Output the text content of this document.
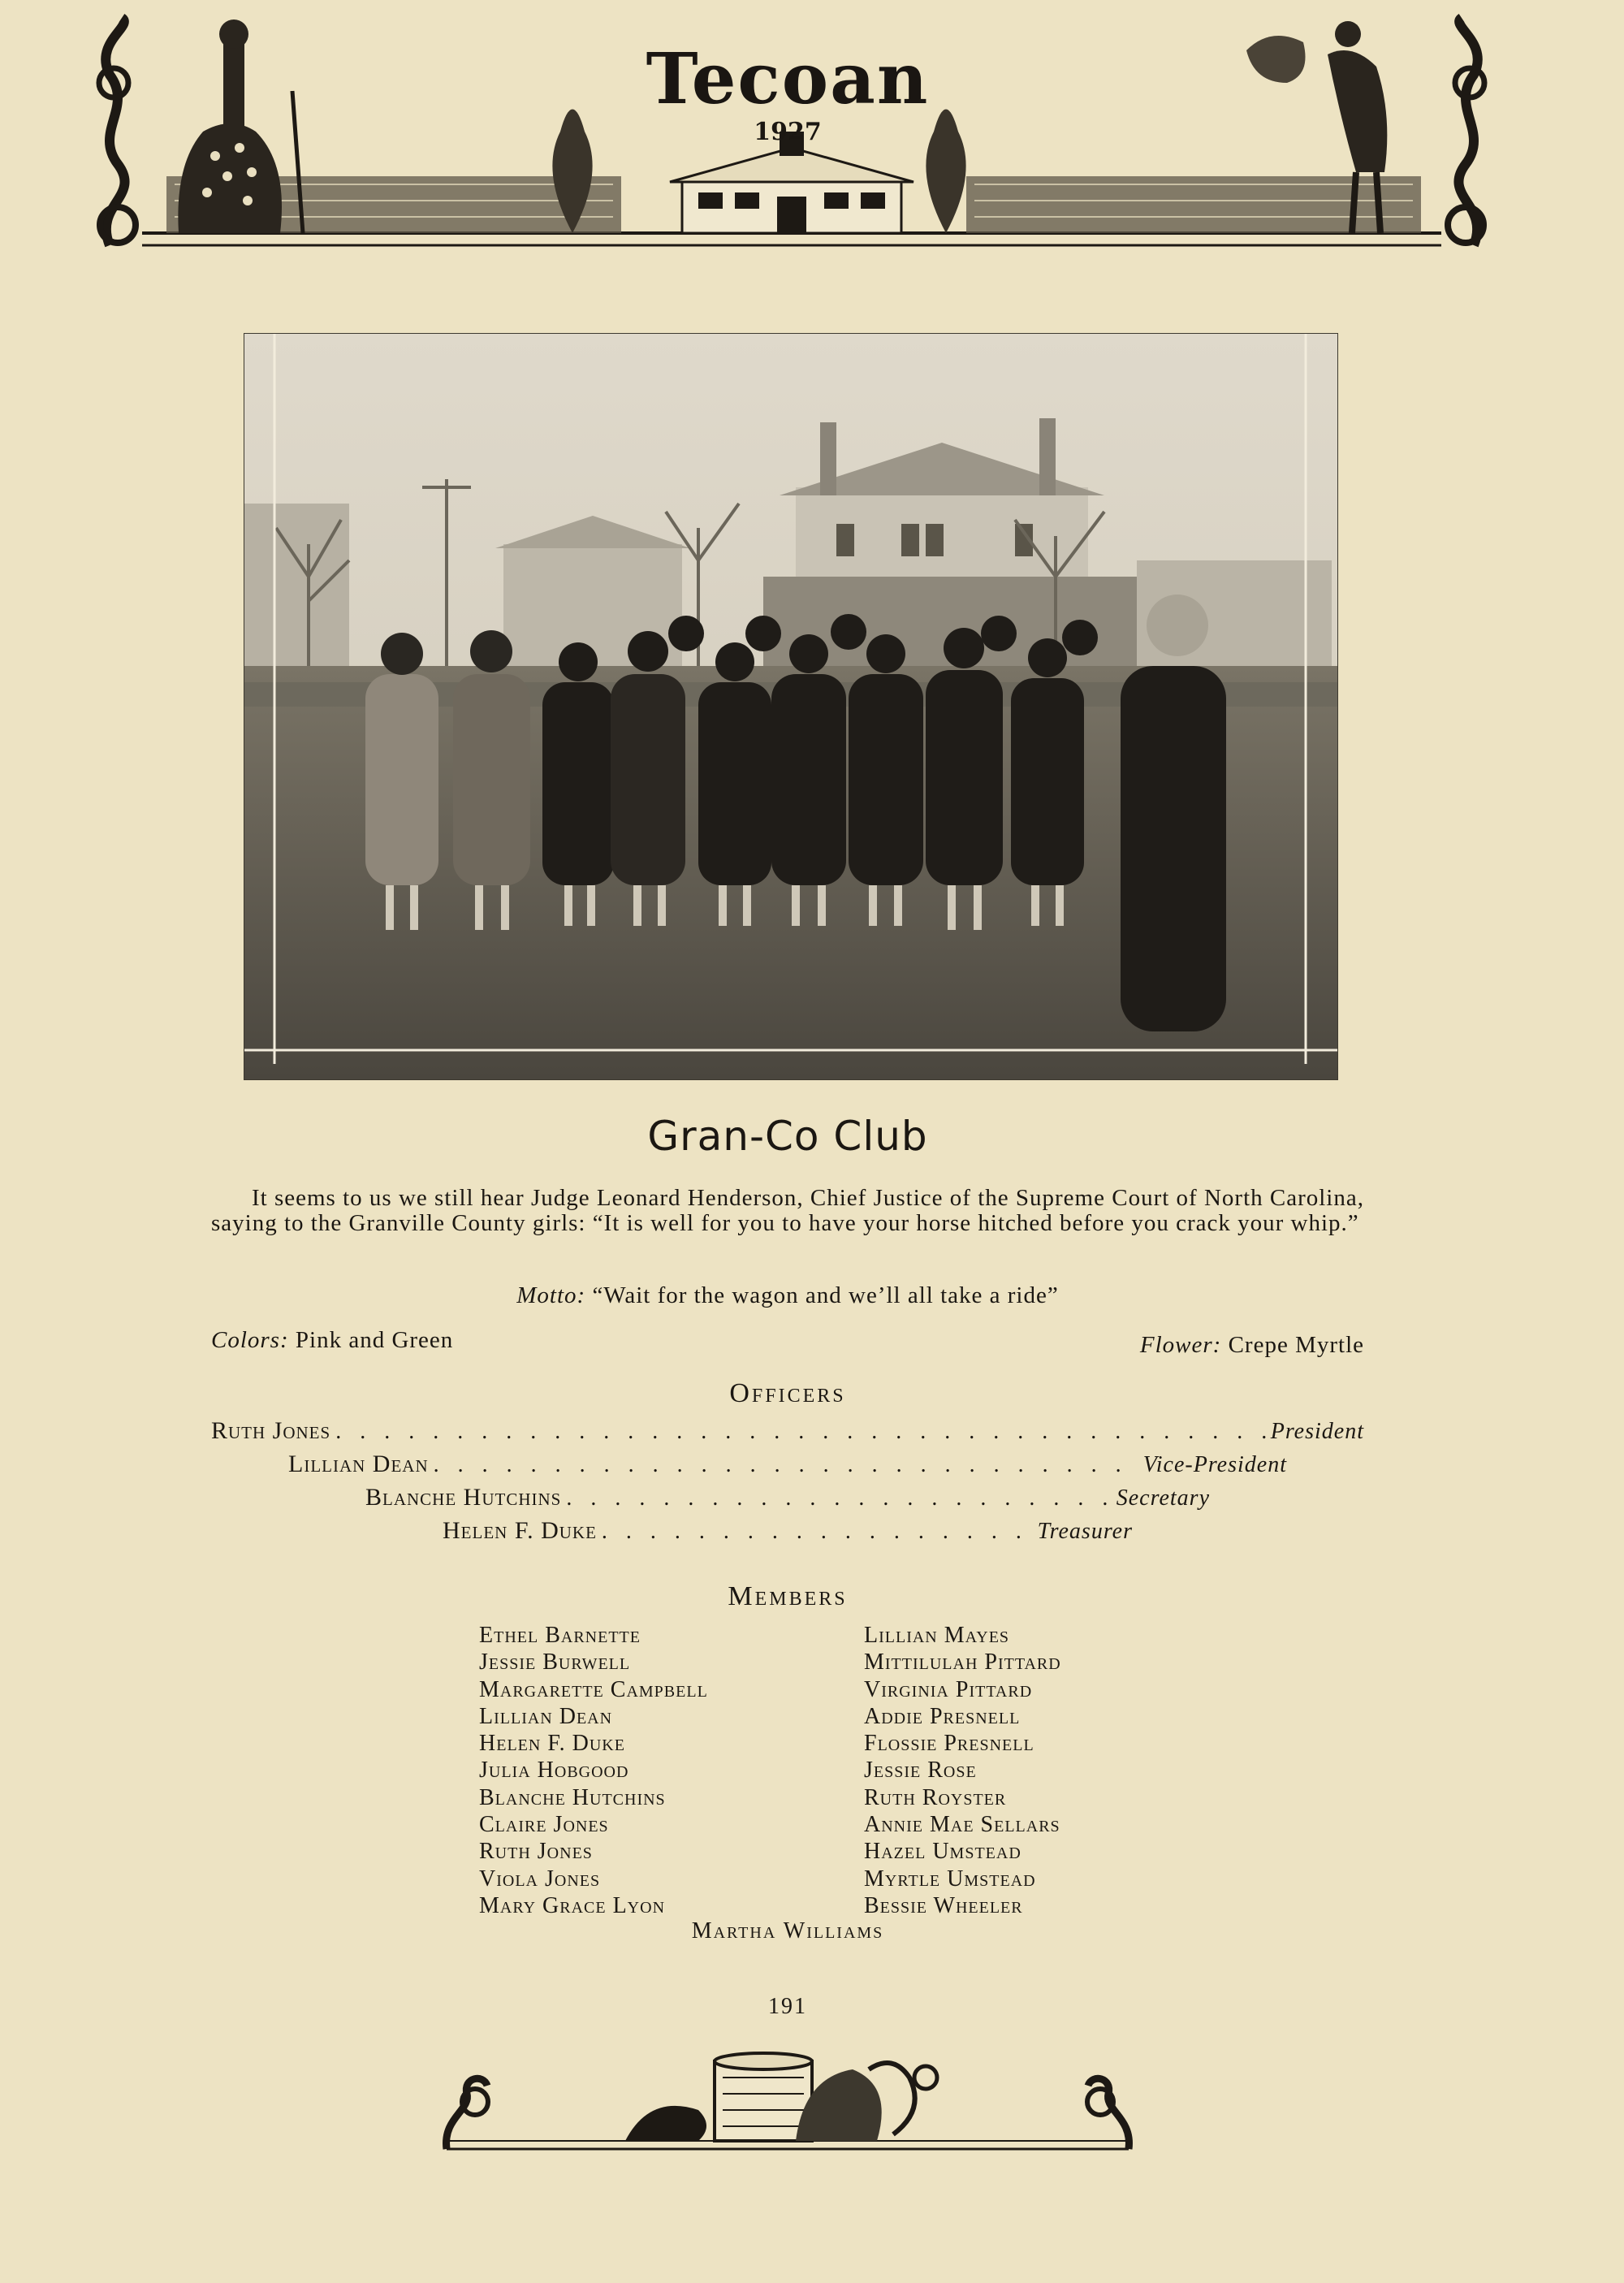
Tecoan
1927
Gran-Co Club

It seems to us we still hear Judge Leonard Henderson, Chief Justice of the Supreme Court of North Carolina, saying to the Granville County girls: “It is well for you to have your horse hitched before you crack your whip.”

Motto: “Wait for the wagon and we’ll all take a ride”
Colors: Pink and Green	Flower: Crepe Myrtle
Officers
Ruth Jones . . .	President
Lillian Dean . . .	Vice-President
Blanche Hutchins . . .	Secretary
Helen F. Duke . . .	Treasurer
Members
Ethel Barnette
Jessie Burwell
Margarette Campbell
Lillian Dean
Helen F. Duke
Julia Hobgood
Blanche Hutchins
Claire Jones
Ruth Jones
Viola Jones
Mary Grace Lyon
Lillian Mayes
Mittilulah Pittard
Virginia Pittard
Addie Presnell
Flossie Presnell
Jessie Rose
Ruth Royster
Annie Mae Sellars
Hazel Umstead
Myrtle Umstead
Bessie Wheeler
Martha Williams
191
